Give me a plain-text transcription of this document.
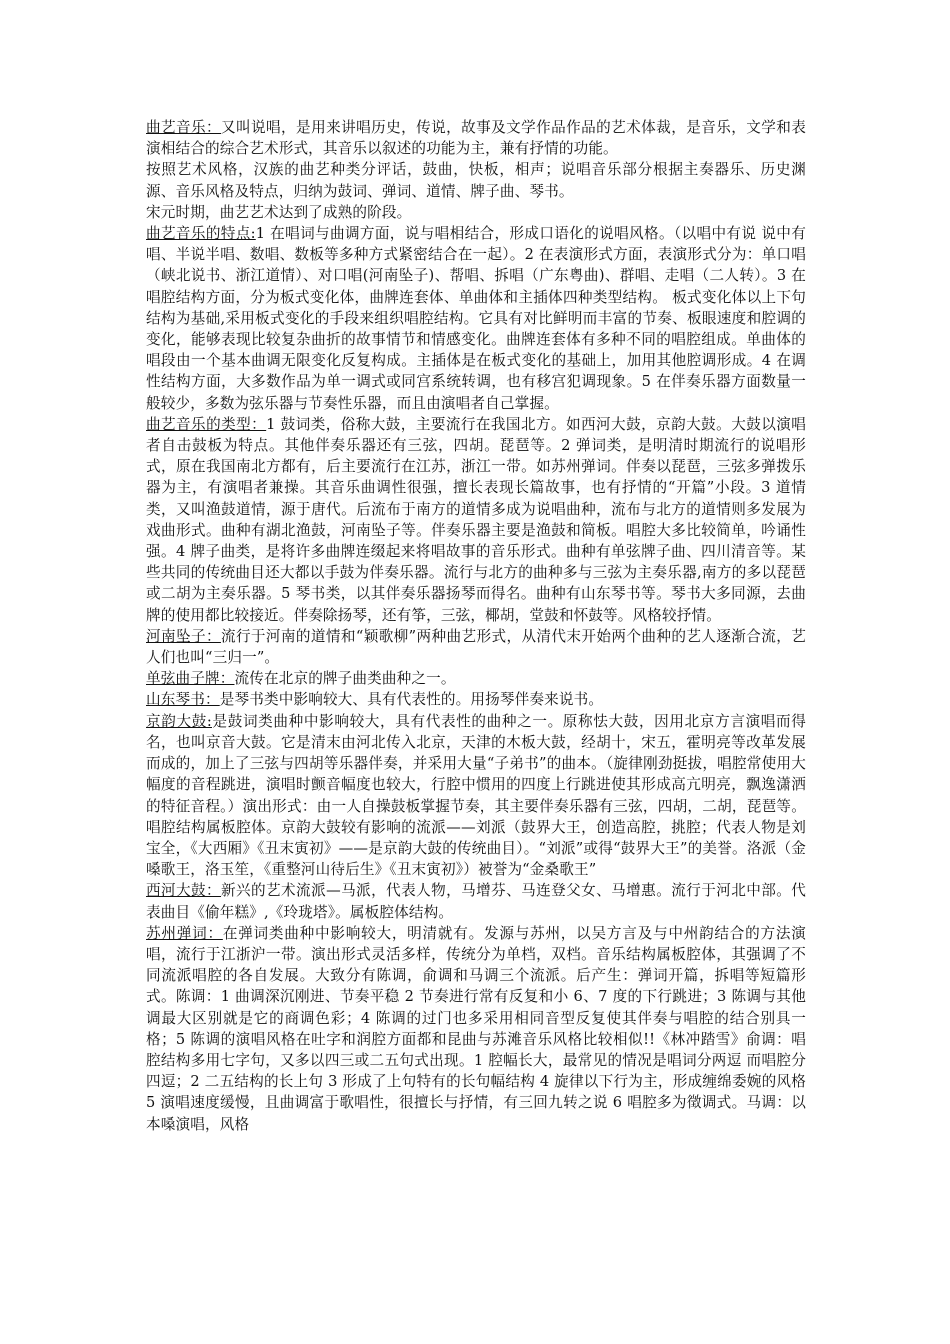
曲艺音乐：又叫说唱，是用来讲唱历史，传说，故事及文学作品作品的艺术体裁，是音乐，文学和表演相结合的综合艺术形式，其音乐以叙述的功能为主，兼有抒情的功能。

按照艺术风格，汉族的曲艺种类分评话，鼓曲，快板，相声；说唱音乐部分根据主奏器乐、历史渊源、音乐风格及特点，归纳为鼓词、弹词、道情、牌子曲、琴书。

宋元时期，曲艺艺术达到了成熟的阶段。

曲艺音乐的特点:1 在唱词与曲调方面，说与唱相结合，形成口语化的说唱风格。（以唱中有说 说中有唱、半说半唱、数唱、数板等多种方式紧密结合在一起）。2 在表演形式方面，表演形式分为：单口唱（峡北说书、浙江道情）、对口唱(河南坠子)、帮唱、拆唱（广东粤曲)、群唱、走唱（二人转）。3 在唱腔结构方面，分为板式变化体，曲牌连套体、单曲体和主插体四种类型结构。 板式变化体以上下句结构为基础,采用板式变化的手段来组织唱腔结构。它具有对比鲜明而丰富的节奏、板眼速度和腔调的变化，能够表现比较复杂曲折的故事情节和情感变化。曲牌连套体有多种不同的唱腔组成。单曲体的唱段由一个基本曲调无限变化反复构成。主插体是在板式变化的基础上，加用其他腔调形成。4 在调性结构方面，大多数作品为单一调式或同宫系统转调，也有移宫犯调现象。5 在伴奏乐器方面数量一般较少，多数为弦乐器与节奏性乐器，而且由演唱者自己掌握。

曲艺音乐的类型：1 鼓词类，俗称大鼓，主要流行在我国北方。如西河大鼓，京韵大鼓。大鼓以演唱者自击鼓板为特点。其他伴奏乐器还有三弦，四胡。琵琶等。2 弹词类，是明清时期流行的说唱形式，原在我国南北方都有，后主要流行在江苏，浙江一带。如苏州弹词。伴奏以琵琶，三弦多弹拨乐器为主，有演唱者兼操。其音乐曲调性很强，擅长表现长篇故事，也有抒情的“开篇”小段。3 道情类，又叫渔鼓道情，源于唐代。后流布于南方的道情多成为说唱曲种，流布与北方的道情则多发展为戏曲形式。曲种有湖北渔鼓，河南坠子等。伴奏乐器主要是渔鼓和简板。唱腔大多比较简单，吟诵性强。4 牌子曲类，是将许多曲牌连缀起来将唱故事的音乐形式。曲种有单弦牌子曲、四川清音等。某些共同的传统曲目还大都以手鼓为伴奏乐器。流行与北方的曲种多与三弦为主奏乐器,南方的多以琵琶或二胡为主奏乐器。5 琴书类，以其伴奏乐器扬琴而得名。曲种有山东琴书等。琴书大多同源，去曲牌的使用都比较接近。伴奏除扬琴，还有筝，三弦，椰胡，堂鼓和怀鼓等。风格较抒情。

河南坠子：流行于河南的道情和“颖歌柳”两种曲艺形式，从清代末开始两个曲种的艺人逐渐合流，艺人们也叫“三归一”。

单弦曲子牌：流传在北京的牌子曲类曲种之一。

山东琴书：是琴书类中影响较大、具有代表性的。用扬琴伴奏来说书。

京韵大鼓:是鼓词类曲种中影响较大，具有代表性的曲种之一。原称怯大鼓，因用北京方言演唱而得名，也叫京音大鼓。它是清末由河北传入北京，天津的木板大鼓，经胡十，宋五，霍明亮等改革发展而成的，加上了三弦与四胡等乐器伴奏，并采用大量“子弟书”的曲本。（旋律刚劲挺拔，唱腔常使用大幅度的音程跳进，演唱时颤音幅度也较大，行腔中惯用的四度上行跳进使其形成高亢明亮，飘逸潇洒的特征音程。）演出形式：由一人自操鼓板掌握节奏，其主要伴奏乐器有三弦，四胡，二胡，琵琶等。唱腔结构属板腔体。京韵大鼓较有影响的流派——刘派（鼓界大王，创造高腔，挑腔；代表人物是刘宝全，《大西厢》《丑末寅初》——是京韵大鼓的传统曲目）。“刘派”或得“鼓界大王”的美誉。洛派（金嗓歌王，洛玉笙，《重整河山待后生》《丑末寅初》）被誉为“金桑歌王”

西河大鼓：新兴的艺术流派—马派，代表人物，马增芬、马连登父女、马增惠。流行于河北中部。代表曲目《偷年糕》,《玲珑塔》。属板腔体结构。

苏州弹词：在弹词类曲种中影响较大，明清就有。发源与苏州，以吴方言及与中州韵结合的方法演唱，流行于江浙沪一带。演出形式灵活多样，传统分为单档，双档。音乐结构属板腔体，其强调了不同流派唱腔的各自发展。大致分有陈调，俞调和马调三个流派。后产生：弹词开篇，拆唱等短篇形式。陈调：1 曲调深沉刚进、节奏平稳 2 节奏进行常有反复和小 6、7 度的下行跳进；3 陈调与其他调最大区别就是它的商调色彩；4 陈调的过门也多采用相同音型反复使其伴奏与唱腔的结合别具一格；5 陈调的演唱风格在吐字和润腔方面都和昆曲与苏滩音乐风格比较相似!!《林冲踏雪》俞调：唱腔结构多用七字句，又多以四三或二五句式出现。1 腔幅长大，最常见的情况是唱词分两逗 而唱腔分四逗；2 二五结构的长上句 3 形成了上句特有的长句幅结构 4 旋律以下行为主，形成缠绵委婉的风格 5 演唱速度缓慢，且曲调富于歌唱性，很擅长与抒情，有三回九转之说 6 唱腔多为徵调式。马调：以本嗓演唱，风格
